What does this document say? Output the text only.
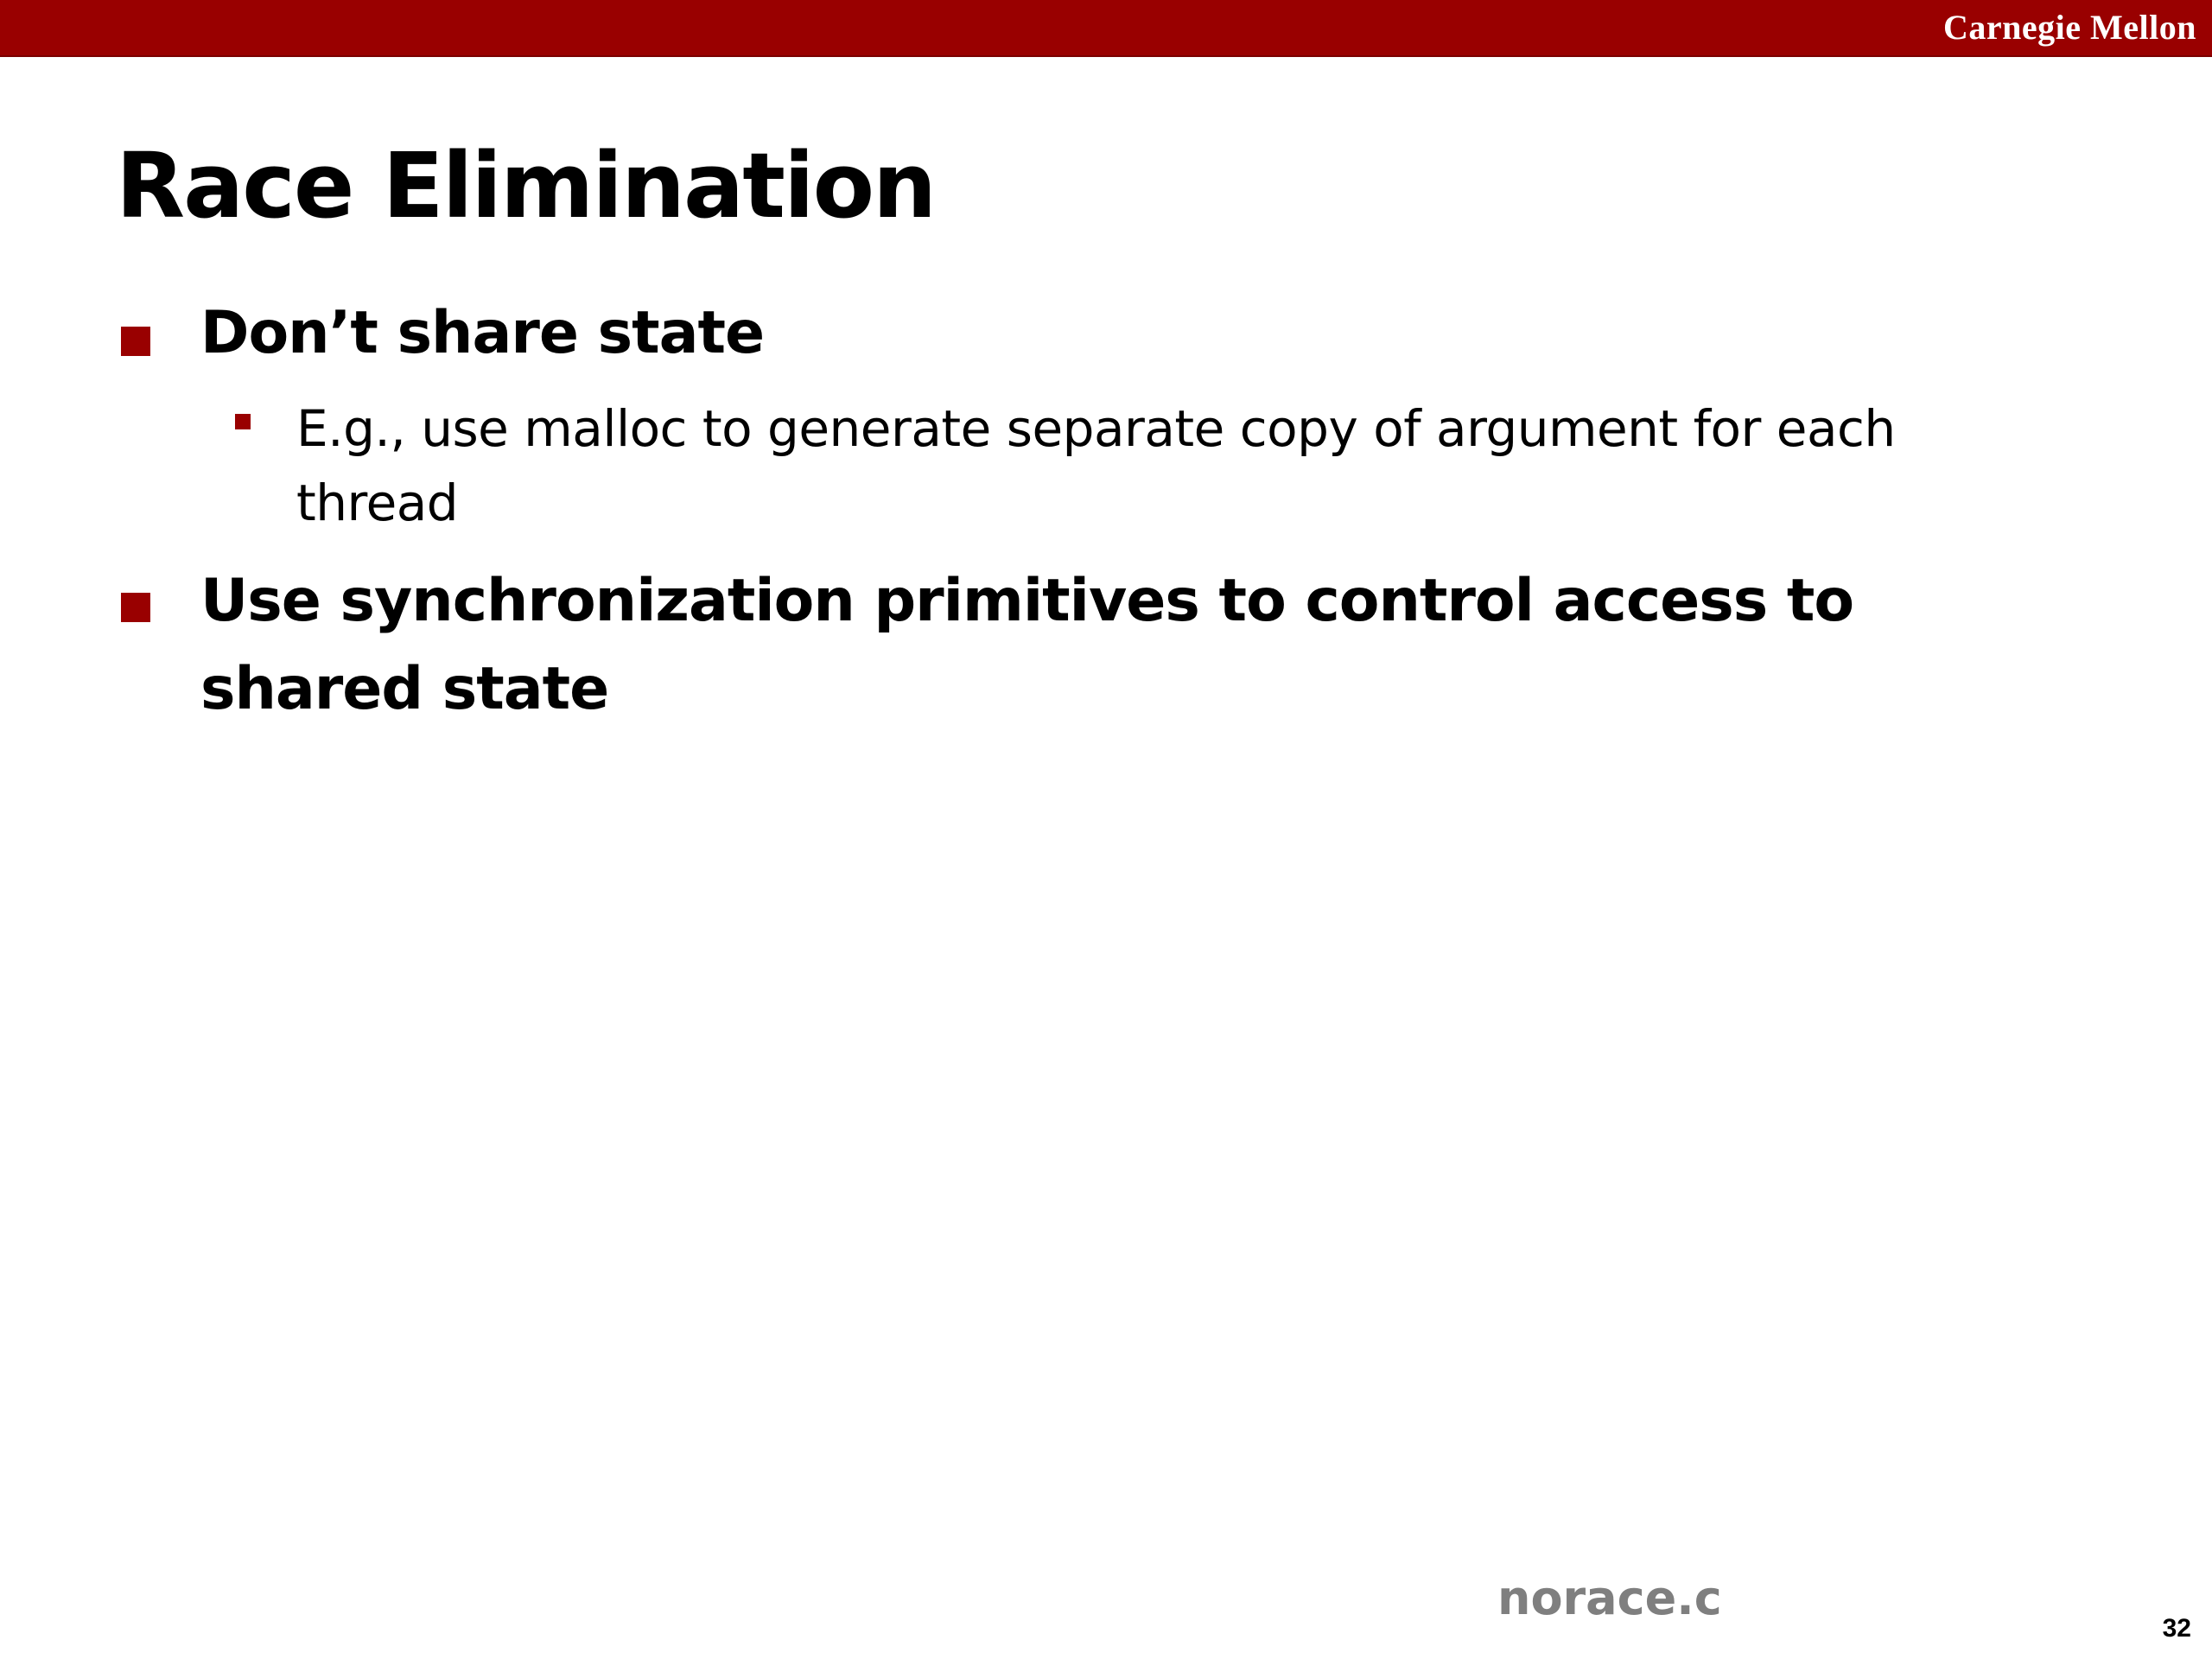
Carnegie Mellon
Race Elimination
Don’t share state
E.g., use malloc to generate separate copy of argument for each thread
Use synchronization primitives to control access to shared state
norace.c
32
